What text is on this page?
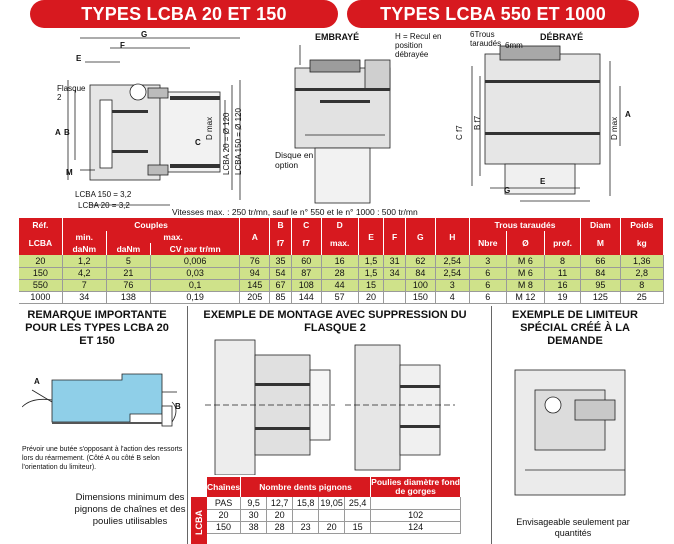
TYPES LCBA 20 ET 150	TYPES LCBA 550 ET 1000
G
F
E
Flasque 2
A B
C
D max LCBA 20 = Ø 120 LCBA 150 = Ø 120
M
LCBA 150 = 3,2
LCBA 20 = 3,2
EMBRAYÉ	H = Recul en position débrayée
Disque en option
6Trous taraudés 6mm
DÉBRAYÉ
C f7
B f7	D max
A
E
G
Vitesses max. : 250 tr/mn, sauf le n° 550 et le n° 1000 : 500 tr/mn
Réf.	Couples			A	B	C	D	E	F	G	H	Trous taraudés			Diam	Poids
LCBA	min.	max.			f7	f7	max.					Nbre	Ø	prof.	M	kg
	daNm	daNm	CV par tr/mn													
20	1,2	5	0,006	76	35	60	16	1,5	31	62	2,54	3	M 6	8	66	1,36
150	4,2	21	0,03	94	54	87	28	1,5	34	84	2,54	6	M 6	11	84	2,8
550	7	76	0,1	145	67	108	44	15		100	3	6	M 8	16	95	8
1000	34	138	0,19	205	85	144	57	20		150	4	6	M 12	19	125	25
REMARQUE IMPORTANTE POUR LES TYPES LCBA 20 ET 150
EXEMPLE DE MONTAGE AVEC SUPPRESSION DU FLASQUE 2
EXEMPLE DE LIMITEUR SPÉCIAL CRÉÉ À LA DEMANDE
A
B
Prévoir une butée s'opposant à l'action des ressorts lors du réarmement. (Côté A ou côté B selon l'orientation du limiteur).
Envisageable seulement par quantités
Dimensions minimum des pignons de chaînes et des poulies utilisables	LCBA
Chaînes	Nombre dents pignons					Poulies diamètre fond de gorges
PAS	9,5	12,7	15,8	19,05	25,4	
20	30	20				102
150	38	28	23	20	15	124
